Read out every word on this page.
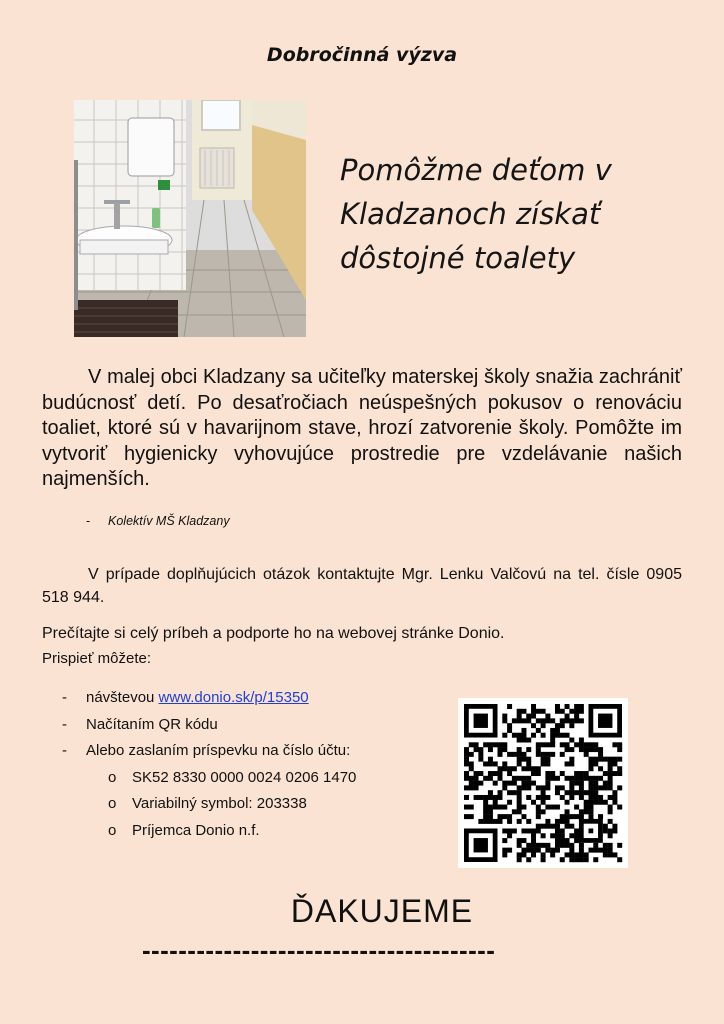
Dobročinná výzva
Pomôžme deťom v
Kladzanoch získať
dôstojné toalety
V malej obci Kladzany sa učiteľky materskej školy snažia zachrániť budúcnosť detí. Po desaťročiach neúspešných pokusov o renováciu toaliet, ktoré sú v havarijnom stave, hrozí zatvorenie školy. Pomôžte im vytvoriť hygienicky vyhovujúce prostredie pre vzdelávanie našich najmenších.
- Kolektív MŠ Kladzany
V prípade doplňujúcich otázok kontaktujte Mgr. Lenku Valčovú na tel. čísle 0905 518 944.
Prečítajte si celý príbeh a podporte ho na webovej stránke Donio.
Prispieť môžete:
- návštevou www.donio.sk/p/15350
- Načítaním QR kódu
- Alebo zaslaním príspevku na číslo účtu:
o SK52 8330 0000 0024 0206 1470
o Variabilný symbol: 203338
o Príjemca Donio n.f.
ĎAKUJEME
---------------------------------------
